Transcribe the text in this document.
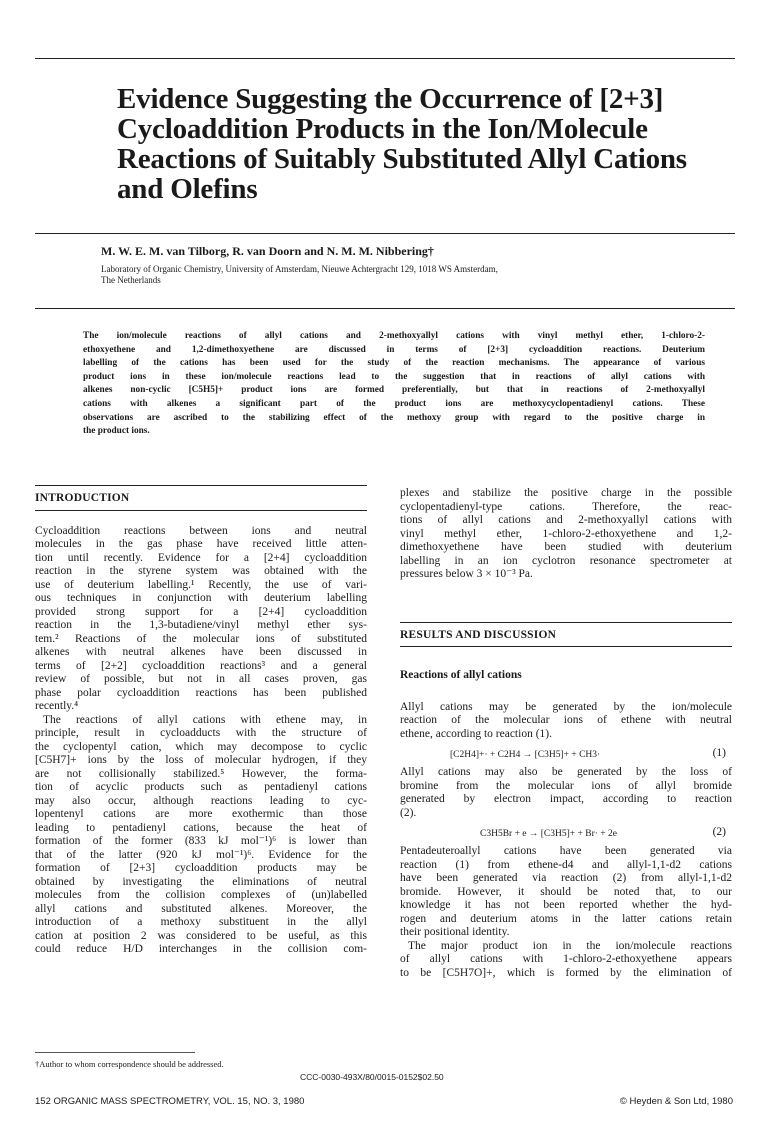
Evidence Suggesting the Occurrence of [2+3]
Cycloaddition Products in the Ion/Molecule
Reactions of Suitably Substituted Allyl Cations
and Olefins

M. W. E. M. van Tilborg, R. van Doorn and N. M. M. Nibbering†

Laboratory of Organic Chemistry, University of Amsterdam, Nieuwe Achtergracht 129, 1018 WS Amsterdam,
The Netherlands

The ion/molecule reactions of allyl cations and 2-methoxyallyl cations with vinyl methyl ether, 1-chloro-2-
ethoxyethene and 1,2-dimethoxyethene are discussed in terms of [2+3] cycloaddition reactions. Deuterium
labelling of the cations has been used for the study of the reaction mechanisms. The appearance of various
product ions in these ion/molecule reactions lead to the suggestion that in reactions of allyl cations with
alkenes non-cyclic [C5H5]+ product ions are formed preferentially, but that in reactions of 2-methoxyallyl
cations with alkenes a significant part of the product ions are methoxycyclopentadienyl cations. These
observations are ascribed to the stabilizing effect of the methoxy group with regard to the positive charge in
the product ions.

INTRODUCTION

Cycloaddition reactions between ions and neutral
molecules in the gas phase have received little atten-
tion until recently. Evidence for a [2+4] cycloaddition
reaction in the styrene system was obtained with the
use of deuterium labelling.¹ Recently, the use of vari-
ous techniques in conjunction with deuterium labelling
provided strong support for a [2+4] cycloaddition
reaction in the 1,3-butadiene/vinyl methyl ether sys-
tem.² Reactions of the molecular ions of substituted
alkenes with neutral alkenes have been discussed in
terms of [2+2] cycloaddition reactions³ and a general
review of possible, but not in all cases proven, gas
phase polar cycloaddition reactions has been published
recently.⁴
The reactions of allyl cations with ethene may, in
principle, result in cycloadducts with the structure of
the cyclopentyl cation, which may decompose to cyclic
[C5H7]+ ions by the loss of molecular hydrogen, if they
are not collisionally stabilized.⁵ However, the forma-
tion of acyclic products such as pentadienyl cations
may also occur, although reactions leading to cyc-
lopentenyl cations are more exothermic than those
leading to pentadienyl cations, because the heat of
formation of the former (833 kJ mol⁻¹)⁶ is lower than
that of the latter (920 kJ mol⁻¹)⁶. Evidence for the
formation of [2+3] cycloaddition products may be
obtained by investigating the eliminations of neutral
molecules from the collision complexes of (un)labelled
allyl cations and substituted alkenes. Moreover, the
introduction of a methoxy substituent in the allyl
cation at position 2 was considered to be useful, as this
could reduce H/D interchanges in the collision com-

plexes and stabilize the positive charge in the possible
cyclopentadienyl-type cations. Therefore, the reac-
tions of allyl cations and 2-methoxyallyl cations with
vinyl methyl ether, 1-chloro-2-ethoxyethene and 1,2-
dimethoxyethene have been studied with deuterium
labelling in an ion cyclotron resonance spectrometer at
pressures below 3 × 10⁻³ Pa.

RESULTS AND DISCUSSION

Reactions of allyl cations

Allyl cations may be generated by the ion/molecule
reaction of the molecular ions of ethene with neutral
ethene, according to reaction (1).

[C2H4]+· + C2H4 → [C3H5]+ + CH3·	(1)

Allyl cations may also be generated by the loss of
bromine from the molecular ions of allyl bromide
generated by electron impact, according to reaction
(2).

C3H5Br + e → [C3H5]+ + Br· + 2e	(2)

Pentadeuteroallyl cations have been generated via
reaction (1) from ethene-d4 and allyl-1,1-d2 cations
have been generated via reaction (2) from allyl-1,1-d2
bromide. However, it should be noted that, to our
knowledge it has not been reported whether the hyd-
rogen and deuterium atoms in the latter cations retain
their positional identity.
The major product ion in the ion/molecule reactions
of allyl cations with 1-chloro-2-ethoxyethene appears
to be [C5H7O]+, which is formed by the elimination of

†Author to whom correspondence should be addressed.

CCC-0030-493X/80/0015-0152$02.50
152 ORGANIC MASS SPECTROMETRY, VOL. 15, NO. 3, 1980	© Heyden & Son Ltd, 1980
